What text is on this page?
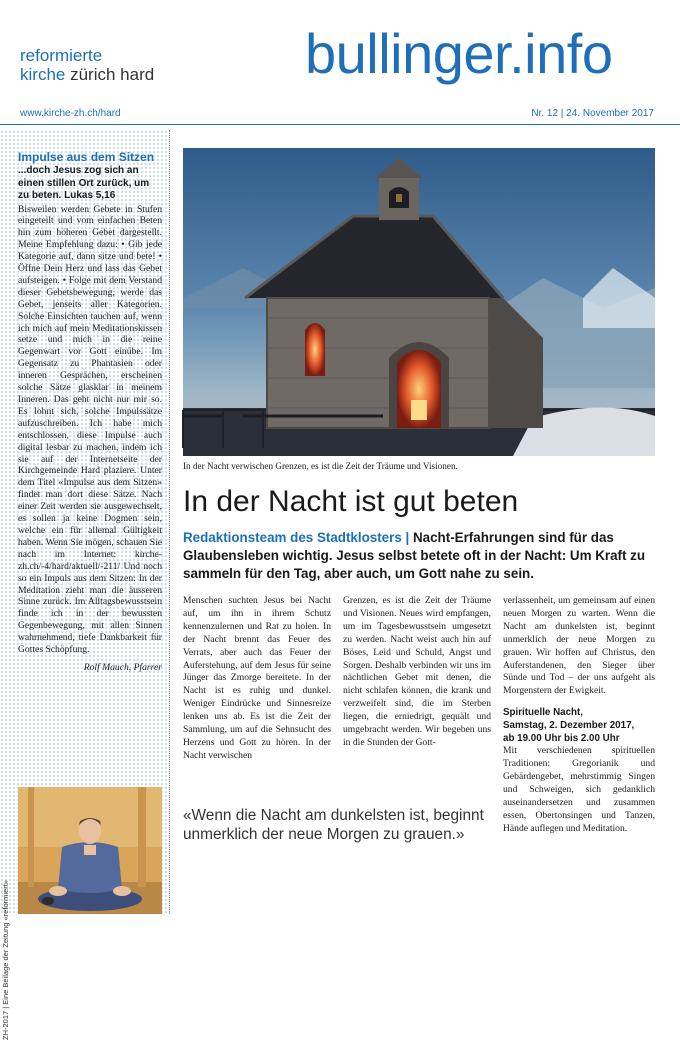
reformierte
kirche zürich hard	bullinger.info
www.kirche-zh.ch/hard	Nr. 12 | 24. November 2017
Impulse aus dem Sitzen
...doch Jesus zog sich an einen stillen Ort zurück, um zu beten. Lukas 5,16
Bisweilen werden Gebete in Stufen eingeteilt und vom einfachen Beten hin zum höheren Gebet dargestellt. Meine Empfehlung dazu: • Gib jede Kategorie auf, dann sitze und bete! • Öffne Dein Herz und lass das Gebet aufsteigen. • Folge mit dem Verstand dieser Gebetsbewegung, werde das Gebet, jenseits aller Kategorien. Solche Einsichten tauchen auf, wenn ich mich auf mein Meditationskissen setze und mich in die reine Gegenwart vor Gott einübe. Im Gegensatz zu Phantasien oder inneren Gesprächen, erscheinen solche Sätze glasklar in meinem Inneren. Das geht nicht nur mir so. Es lohnt sich, solche Impulssätze aufzuschreiben. Ich habe mich entschlossen, diese Impulse auch digital lesbar zu machen, indem ich sie auf der Internetseite der Kirchgemeinde Hard plaziere. Unter dem Titel «Impulse aus dem Sitzen» findet man dort diese Sätze. Nach einer Zeit werden sie ausgewechselt, es sollen ja keine Dogmen sein, welche ein für allemal Gültigkeit haben. Wenn Sie mögen, schauen Sie nach im Internet: kirche-zh.ch/-4/hard/aktuell/-211/ Und noch so ein Impuls aus dem Sitzen: In der Meditation zieht man die äusseren Sinne zurück. Im Alltagsbewusstsein finde ich in der bewussten Gegenbewegung, mit allen Sinnen wahrnehmend, tiefe Dankbarkeit für Gottes Schöpfung.
Rolf Mauch, Pfarrer
ZH-2017 | Eine Beilage der Zeitung «reformiert»
In der Nacht verwischen Grenzen, es ist die Zeit der Träume und Visionen.
In der Nacht ist gut beten
Redaktionsteam des Stadtklosters | Nacht-Erfahrungen sind für das Glaubensleben wichtig. Jesus selbst betete oft in der Nacht: Um Kraft zu sammeln für den Tag, aber auch, um Gott nahe zu sein.

Menschen suchten Jesus bei Nacht auf, um ihn in ihrem Schutz kennenzulernen und Rat zu holen. In der Nacht brennt das Feuer des Verrats, aber auch das Feuer der Auferstehung, auf dem Jesus für seine Jünger das Zmorge bereitete. In der Nacht ist es ruhig und dunkel. Weniger Eindrücke und Sinnesreize lenken uns ab. Es ist die Zeit der Sammlung, um auf die Sehnsucht des Herzens und Gott zu hören. In der Nacht verwischen

Grenzen, es ist die Zeit der Träume und Visionen. Neues wird empfangen, um im Tagesbewusstsein umgesetzt zu werden. Nacht weist auch hin auf Böses, Leid und Schuld, Angst und Sorgen. Deshalb verbinden wir uns im nächtlichen Gebet mit denen, die nicht schlafen können, die krank und verzweifelt sind, die im Sterben liegen, die erniedrigt, gequält und umgebracht werden. Wir begeben uns in die Stunden der Gott-

verlassenheit, um gemeinsam auf einen neuen Morgen zu warten. Wenn die Nacht am dunkelsten ist, beginnt unmerklich der neue Morgen zu grauen. Wir hoffen auf Christus, den Auferstandenen, den Sieger über Sünde und Tod – der uns aufgeht als Morgenstern der Ewigkeit.

Spirituelle Nacht,
Samstag, 2. Dezember 2017,
ab 19.00 Uhr bis 2.00 Uhr

Mit verschiedenen spirituellen Traditionen: Gregorianik und Gebärdengebet, mehrstimmig Singen und Schweigen, sich gedanklich auseinandersetzen und zusammen essen, Obertonsingen und Tanzen, Hände auflegen und Meditation.

«Wenn die Nacht am dunkelsten ist, beginnt unmerklich der neue Morgen zu grauen.»
